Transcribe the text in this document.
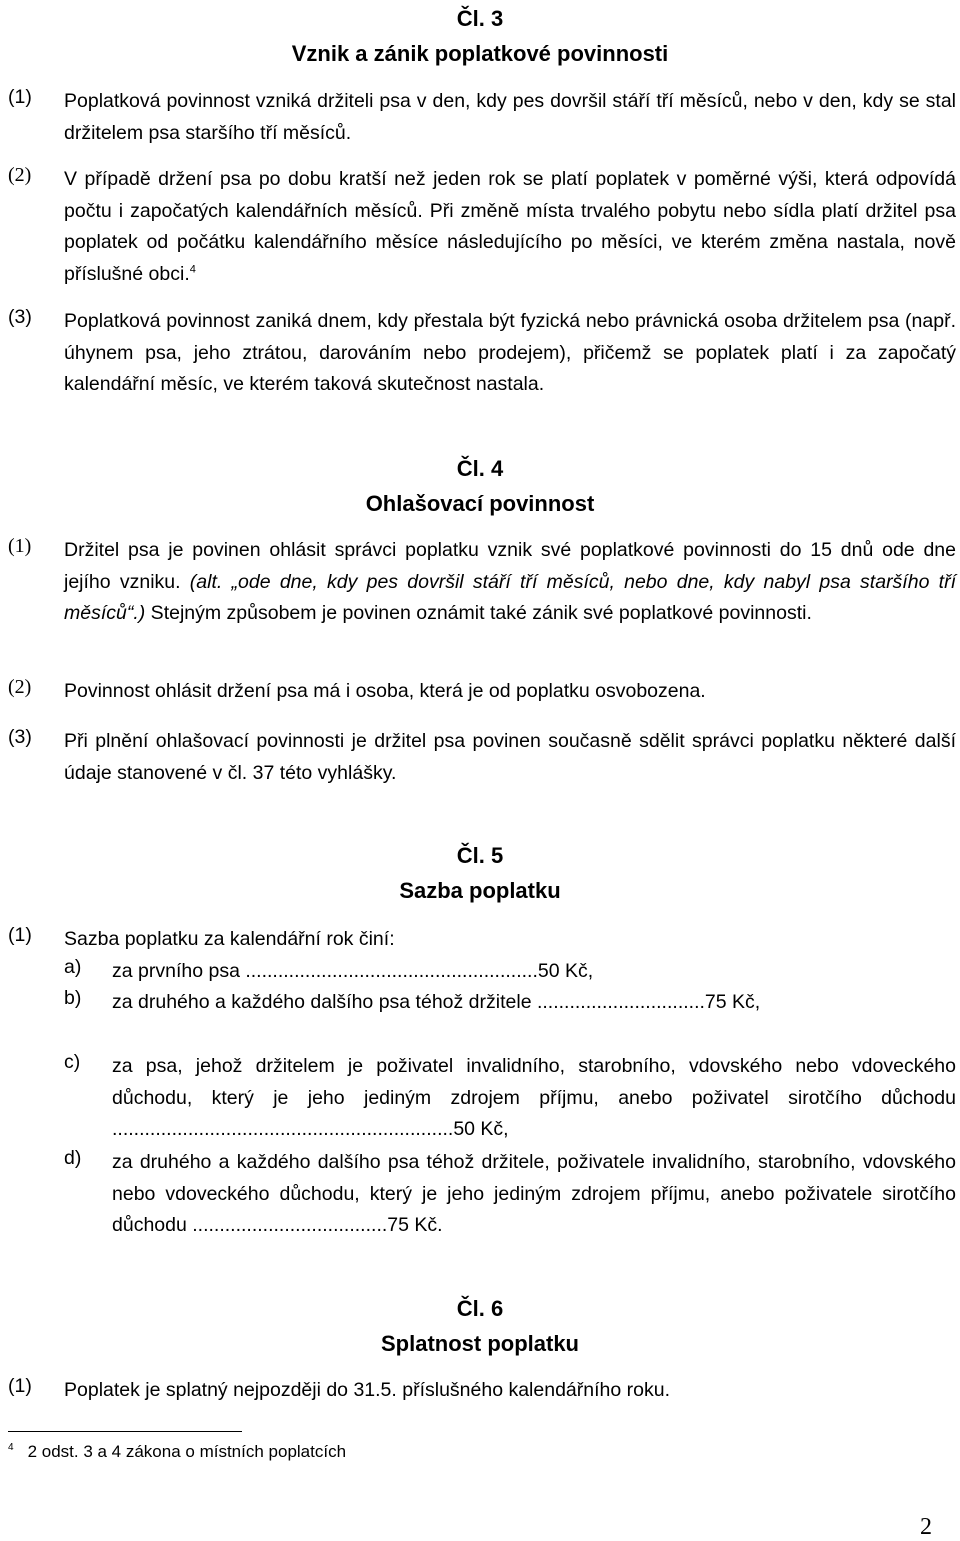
Čl. 3
Vznik a zánik poplatkové povinnosti
(1)	Poplatková povinnost vzniká držiteli psa v den, kdy pes dovršil stáří tří měsíců, nebo v den, kdy se stal držitelem psa staršího tří měsíců.
(2)	V případě držení psa po dobu kratší než jeden rok se platí poplatek v poměrné výši, která odpovídá počtu i započatých kalendářních měsíců. Při změně místa trvalého pobytu nebo sídla platí držitel psa poplatek od počátku kalendářního měsíce následujícího po měsíci, ve kterém změna nastala, nově příslušné obci.$^4$
(3)	Poplatková povinnost zaniká dnem, kdy přestala být fyzická nebo právnická osoba držitelem psa (např. úhynem psa, jeho ztrátou, darováním nebo prodejem), přičemž se poplatek platí i za započatý kalendářní měsíc, ve kterém taková skutečnost nastala.
Čl. 4
Ohlašovací povinnost
(1)	Držitel psa je povinen ohlásit správci poplatku vznik své poplatkové povinnosti do 15 dnů ode dne jejího vzniku. (alt. „ode dne, kdy pes dovršil stáří tří měsíců, nebo dne, kdy nabyl psa staršího tří měsíců“.) Stejným způsobem je povinen oznámit také zánik své poplatkové povinnosti.
(2)	Povinnost ohlásit držení psa má i osoba, která je od poplatku osvobozena.
(3)	Při plnění ohlašovací povinnosti je držitel psa povinen současně sdělit správci poplatku některé další údaje stanovené v čl. 37 této vyhlášky.
Čl. 5
Sazba poplatku
(1)	Sazba poplatku za kalendářní rok činí:
a)	za prvního psa ......................................................50 Kč,
b)	za druhého a každého dalšího psa téhož držitele ...............................75 Kč,
c)	za psa, jehož držitelem je poživatel invalidního, starobního, vdovského nebo vdoveckého důchodu, který je jeho jediným zdrojem příjmu, anebo poživatel sirotčího důchodu ...............................................................50 Kč,
d)	za druhého a každého dalšího psa téhož držitele, poživatele invalidního, starobního, vdovského nebo vdoveckého důchodu, který je jeho jediným zdrojem příjmu, anebo poživatele sirotčího důchodu ....................................75 Kč.
Čl. 6
Splatnost poplatku
(1)	Poplatek je splatný nejpozději do 31.5. příslušného kalendářního roku.
$^4$ 2 odst. 3 a 4 zákona o místních poplatcích
2
